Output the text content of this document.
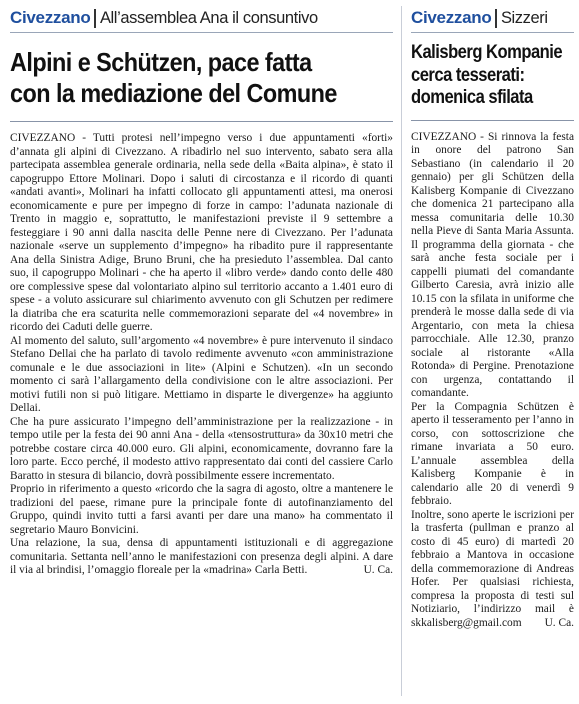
Civezzano All’assemblea Ana il consuntivo
Alpini e Schützen, pace fatta
con la mediazione del Comune

CIVEZZANO - Tutti protesi nell’impegno verso i due appuntamenti «forti» d’annata gli alpini di Civezzano. A ribadirlo nel suo intervento, sabato sera alla partecipata assemblea generale ordinaria, nella sede della «Baita alpina», è stato il capogruppo Ettore Molinari. Dopo i saluti di circostanza e il ricordo di quanti «andati avanti», Molinari ha infatti collocato gli appuntamenti attesi, ma onerosi economicamente e pure per impegno di forze in campo: l’adunata nazionale di Trento in maggio e, soprattutto, le manifestazioni previste il 9 settembre a festeggiare i 90 anni dalla nascita delle Penne nere di Civezzano. Per l’adunata nazionale «serve un supplemento d’impegno» ha ribadito pure il rappresentante Ana della Sinistra Adige, Bruno Bruni, che ha presieduto l’assemblea. Dal canto suo, il capogruppo Molinari - che ha aperto il «libro verde» dando conto delle 480 ore complessive spese dal volontariato alpino sul territorio accanto a 1.401 euro di spese - a voluto assicurare sul chiarimento avvenuto con gli Schutzen per redimere la diatriba che era scaturita nelle commemorazioni separate del «4 novembre» in ricordo dei Caduti delle guerre.

Al momento del saluto, sull’argomento «4 novembre» è pure intervenuto il sindaco Stefano Dellai che ha parlato di tavolo redimente avvenuto «con amministrazione comunale e le due associazioni in lite» (Alpini e Schutzen). «In un secondo momento ci sarà l’allargamento della condivisione con le altre associazioni. Per motivi futili non si può litigare. Mettiamo in disparte le divergenze» ha aggiunto Dellai.

Che ha pure assicurato l’impegno dell’amministrazione per la realizzazione - in tempo utile per la festa dei 90 anni Ana - della «tensostruttura» da 30x10 metri che potrebbe costare circa 40.000 euro. Gli alpini, economicamente, dovranno fare la loro parte. Ecco perché, il modesto attivo rappresentato dai conti del cassiere Carlo Baratto in stesura di bilancio, dovrà possibilmente essere incrementato.

Proprio in riferimento a questo «ricordo che la sagra di agosto, oltre a mantenere le tradizioni del paese, rimane pure la principale fonte di autofinanziamento del Gruppo, quindi invito tutti a farsi avanti per dare una mano» ha commentato il segretario Mauro Bonvicini.

Una relazione, la sua, densa di appuntamenti istituzionali e di aggregazione comunitaria. Settanta nell’anno le manifestazioni con presenza degli alpini. A dare il via al brindisi, l’omaggio floreale per la «madrina» Carla Betti.	U. Ca.

Civezzano Sizzeri
Kalisberg Kompanie
cerca tesserati:
domenica sfilata

CIVEZZANO - Si rinnova la festa in onore del patrono San Sebastiano (in calendario il 20 gennaio) per gli Schützen della Kalisberg Kompanie di Civezzano che domenica 21 partecipano alla messa comunitaria delle 10.30 nella Pieve di Santa Maria Assunta. Il programma della giornata - che sarà anche festa sociale per i cappelli piumati del comandante Gilberto Caresia, avrà inizio alle 10.15 con la sfilata in uniforme che prenderà le mosse dalla sede di via Argentario, con meta la chiesa parrocchiale. Alle 12.30, pranzo sociale al ristorante «Alla Rotonda» di Pergine. Prenotazione con urgenza, contattando il comandante.

Per la Compagnia Schützen è aperto il tesseramento per l’anno in corso, con sottoscrizione che rimane invariata a 50 euro. L’annuale assemblea della Kalisberg Kompanie è in calendario alle 20 di venerdì 9 febbraio.

Inoltre, sono aperte le iscrizioni per la trasferta (pullman e pranzo al costo di 45 euro) di martedì 20 febbraio a Mantova in occasione della commemorazione di Andreas Hofer. Per qualsiasi richiesta, compresa la proposta di testi sul Notiziario, l’indirizzo mail è skkalisberg@gmail.com U. Ca.
